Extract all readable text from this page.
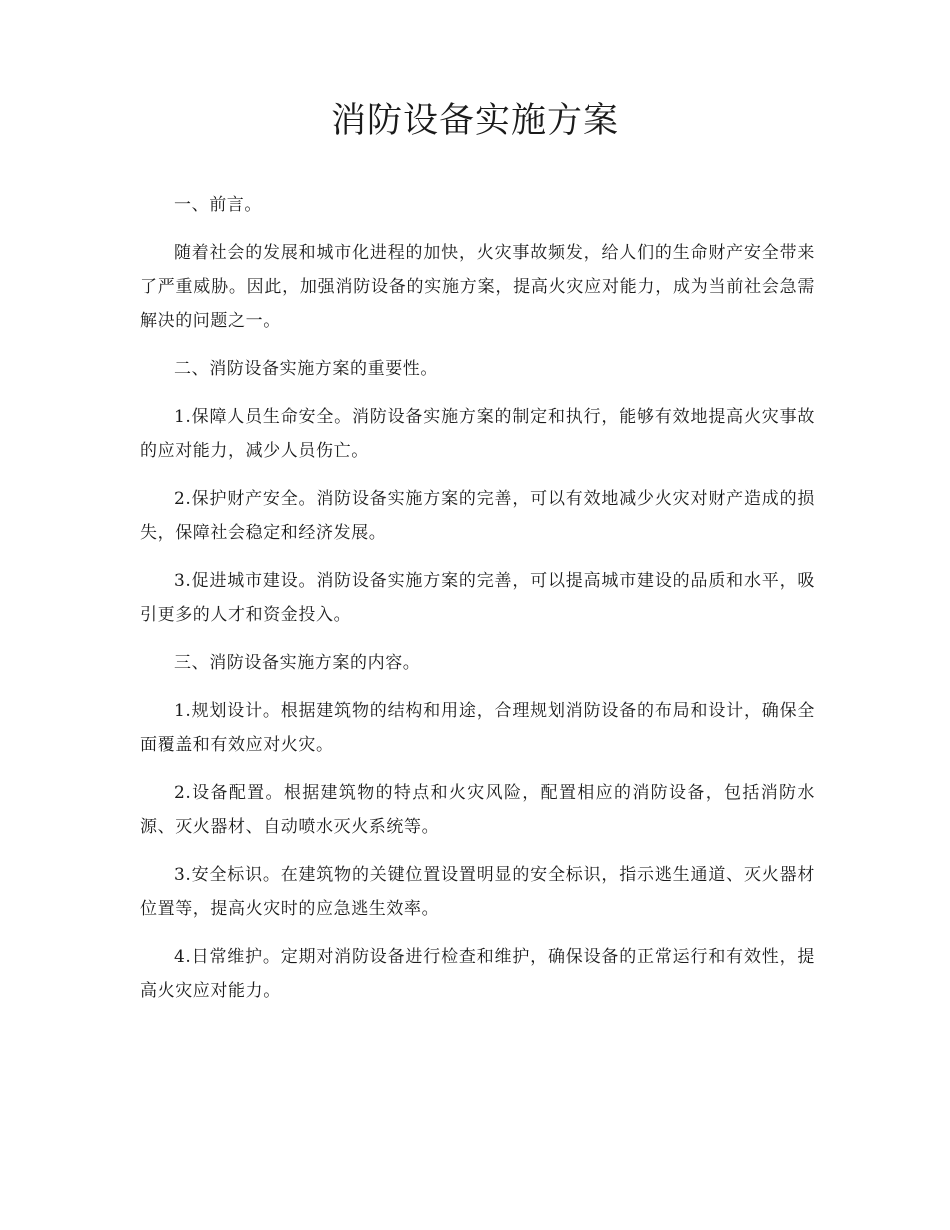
消防设备实施方案

一、前言。

随着社会的发展和城市化进程的加快，火灾事故频发，给人们的生命财产安全带来了严重威胁。因此，加强消防设备的实施方案，提高火灾应对能力，成为当前社会急需解决的问题之一。

二、消防设备实施方案的重要性。

1.保障人员生命安全。消防设备实施方案的制定和执行，能够有效地提高火灾事故的应对能力，减少人员伤亡。

2.保护财产安全。消防设备实施方案的完善，可以有效地减少火灾对财产造成的损失，保障社会稳定和经济发展。

3.促进城市建设。消防设备实施方案的完善，可以提高城市建设的品质和水平，吸引更多的人才和资金投入。

三、消防设备实施方案的内容。

1.规划设计。根据建筑物的结构和用途，合理规划消防设备的布局和设计，确保全面覆盖和有效应对火灾。

2.设备配置。根据建筑物的特点和火灾风险，配置相应的消防设备，包括消防水源、灭火器材、自动喷水灭火系统等。

3.安全标识。在建筑物的关键位置设置明显的安全标识，指示逃生通道、灭火器材位置等，提高火灾时的应急逃生效率。

4.日常维护。定期对消防设备进行检查和维护，确保设备的正常运行和有效性，提高火灾应对能力。
